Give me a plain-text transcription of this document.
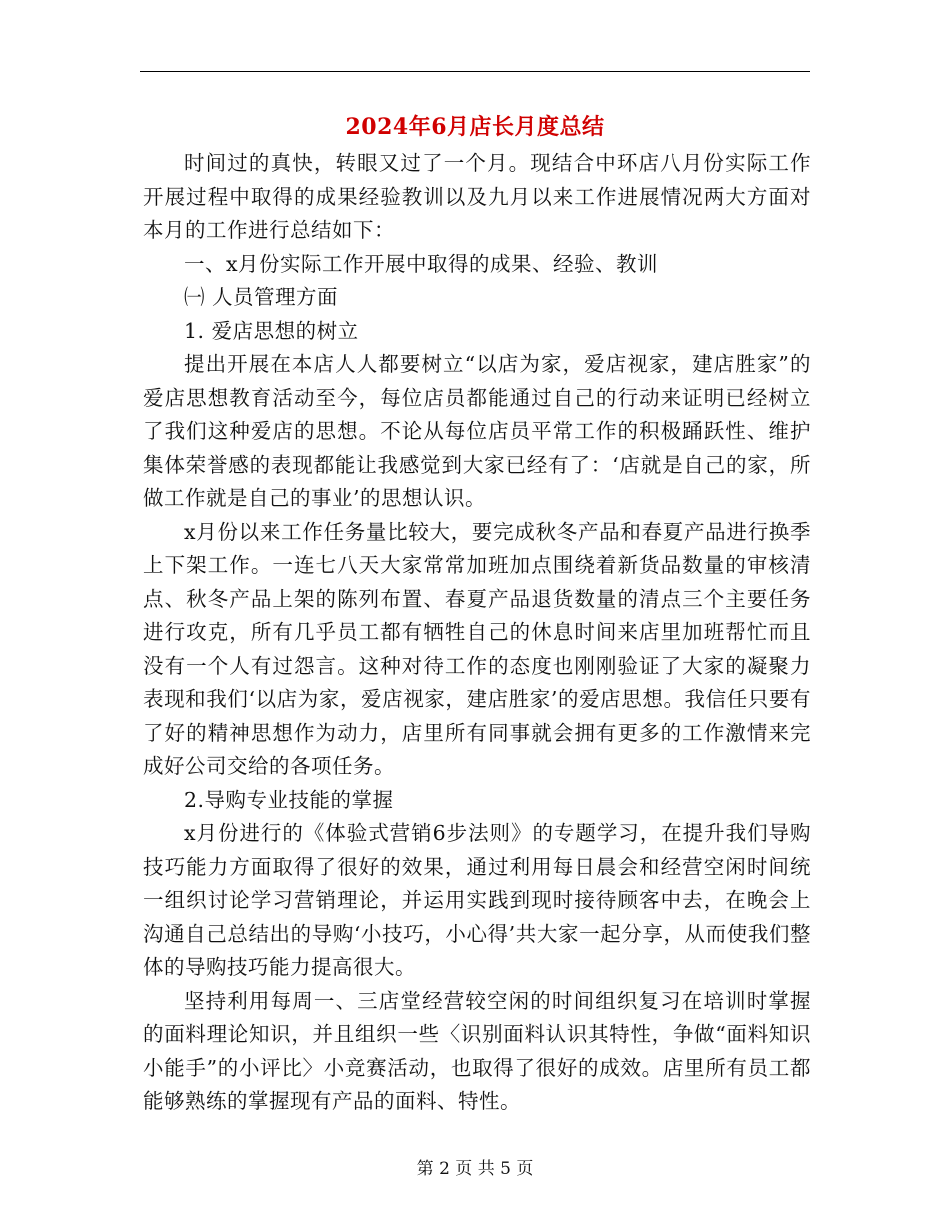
2024年6月店长月度总结

时间过的真快，转眼又过了一个月。现结合中环店八月份实际工作开展过程中取得的成果经验教训以及九月以来工作进展情况两大方面对本月的工作进行总结如下：

一、x月份实际工作开展中取得的成果、经验、教训

㈠ 人员管理方面

1. 爱店思想的树立

提出开展在本店人人都要树立“以店为家，爱店视家，建店胜家”的爱店思想教育活动至今，每位店员都能通过自己的行动来证明已经树立了我们这种爱店的思想。不论从每位店员平常工作的积极踊跃性、维护集体荣誉感的表现都能让我感觉到大家已经有了：‘店就是自己的家，所做工作就是自己的事业’的思想认识。

x月份以来工作任务量比较大，要完成秋冬产品和春夏产品进行换季上下架工作。一连七八天大家常常加班加点围绕着新货品数量的审核清点、秋冬产品上架的陈列布置、春夏产品退货数量的清点三个主要任务进行攻克，所有几乎员工都有牺牲自己的休息时间来店里加班帮忙而且没有一个人有过怨言。这种对待工作的态度也刚刚验证了大家的凝聚力表现和我们‘以店为家，爱店视家，建店胜家’的爱店思想。我信任只要有了好的精神思想作为动力，店里所有同事就会拥有更多的工作激情来完成好公司交给的各项任务。

2.导购专业技能的掌握

x月份进行的《体验式营销6步法则》的专题学习，在提升我们导购技巧能力方面取得了很好的效果，通过利用每日晨会和经营空闲时间统一组织讨论学习营销理论，并运用实践到现时接待顾客中去，在晚会上沟通自己总结出的导购‘小技巧，小心得’共大家一起分享，从而使我们整体的导购技巧能力提高很大。

坚持利用每周一、三店堂经营较空闲的时间组织复习在培训时掌握的面料理论知识，并且组织一些〈识别面料认识其特性，争做“面料知识小能手”的小评比〉小竞赛活动，也取得了很好的成效。店里所有员工都能够熟练的掌握现有产品的面料、特性。

第 2 页 共 5 页
